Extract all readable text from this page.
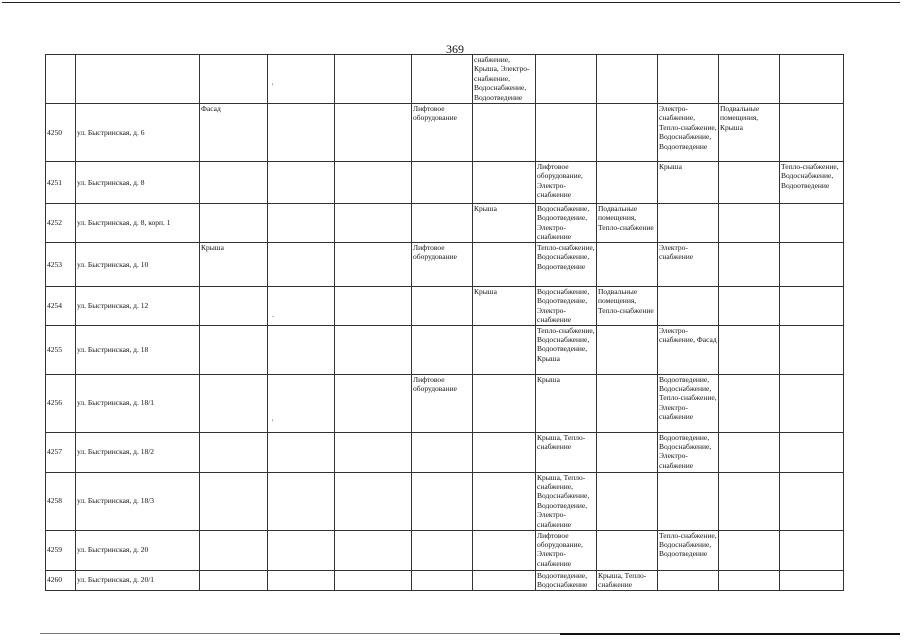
369
						снабжение, Крыша, Электро-снабжение, Водоснабжение, Водоотведение					
4250	ул. Быстринская, д. 6	Фасад			Лифтовое оборудование				Электро-снабжение, Тепло-снабжение, Водоснабжение, Водоотведение	Подвальные помещения, Крыша	
4251	ул. Быстринская, д. 8						Лифтовое оборудование, Электро-снабжение		Крыша		Тепло-снабжение, Водоснабжение, Водоотведение
4252	ул. Быстринская, д. 8, корп. 1					Крыша	Водоснабжение, Водоотведение, Электро-снабжение	Подвальные помещения, Тепло-снабжение			
4253	ул. Быстринская, д. 10	Крыша			Лифтовое оборудование		Тепло-снабжение, Водоснабжение, Водоотведение		Электро-снабжение		
4254	ул. Быстринская, д. 12					Крыша	Водоснабжение, Водоотведение, Электро-снабжение	Подвальные помещения, Тепло-снабжение			
4255	ул. Быстринская, д. 18						Тепло-снабжение, Водоснабжение, Водоотведение, Крыша		Электро-снабжение, Фасад		
4256	ул. Быстринская, д. 18/1				Лифтовое оборудование		Крыша		Водоотведение, Водоснабжение, Тепло-снабжение, Электро-снабжение		
4257	ул. Быстринская, д. 18/2						Крыша, Тепло-снабжение		Водоотведение, Водоснабжение, Электро-снабжение		
4258	ул. Быстринская, д. 18/3						Крыша, Тепло-снабжение, Водоснабжение, Водоотведение, Электро-снабжение				
4259	ул. Быстринская, д. 20						Лифтовое оборудование, Электро-снабжение		Тепло-снабжение, Водоснабжение, Водоотведение		
4260	ул. Быстринская, д. 20/1						Водоотведение, Водоснабжение	Крыша, Тепло-снабжение			
'
'
.
